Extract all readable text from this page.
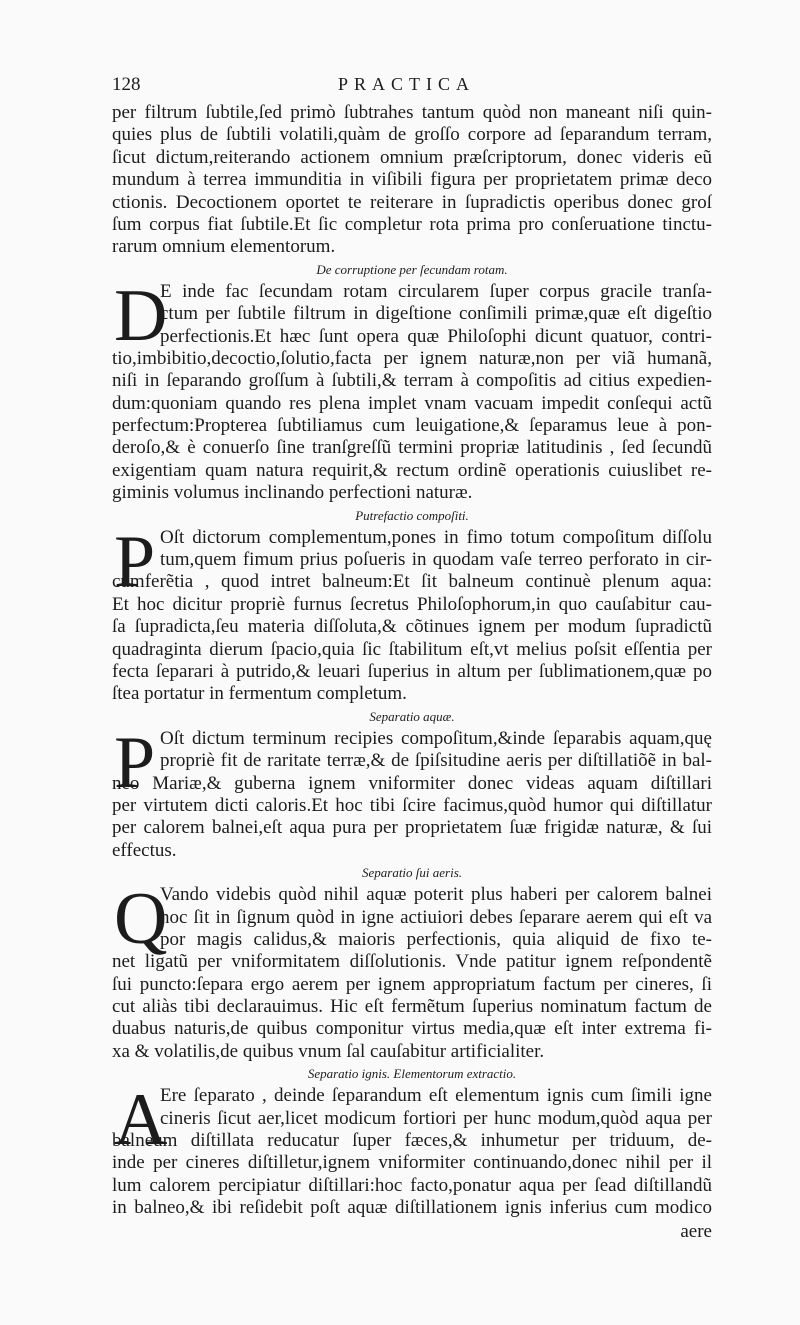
128	PRACTICA
per filtrum ſubtile,ſed primò ſubtrahes tantum quòd non maneant niſi quin-
quies plus de ſubtili volatili,quàm de groſſo corpore ad ſeparandum terram,
ſicut dictum,reiterando actionem omnium præſcriptorum, donec videris eũ
mundum à terrea immunditia in viſibili figura per proprietatem primæ deco
ctionis. Decoctionem oportet te reiterare in ſupradictis operibus donec groſ
ſum corpus fiat ſubtile.Et ſic completur rota prima pro conſeruatione tinctu-
rarum omnium elementorum.
De corruptione per ſecundam rotam.
D
E inde fac ſecundam rotam circularem ſuper corpus gracile tranſa-
ctum per ſubtile filtrum in digeſtione conſimili primæ,quæ eſt digeſtio
perfectionis.Et hæc ſunt opera quæ Philoſophi dicunt quatuor, contri-
tio,imbibitio,decoctio,ſolutio,facta per ignem naturæ,non per viã humanã,
niſi in ſeparando groſſum à ſubtili,& terram à compoſitis ad citius expedien-
dum:quoniam quando res plena implet vnam vacuam impedit conſequi actũ
perfectum:Propterea ſubtiliamus cum leuigatione,& ſeparamus leue à pon-
deroſo,& è conuerſo ſine tranſgreſſũ termini propriæ latitudinis , ſed ſecundũ
exigentiam quam natura requirit,& rectum ordinẽ operationis cuiuslibet re-
giminis volumus inclinando perfectioni naturæ.
Putrefactio compoſiti.
P Oſt dictorum complementum,pones in fimo totum compoſitum diſſolu
tum,quem fimum prius poſueris in quodam vaſe terreo perforato in cir-
cumferẽtia , quod intret balneum:Et ſit balneum continuè plenum aqua:
Et hoc dicitur propriè furnus ſecretus Philoſophorum,in quo cauſabitur cau-
ſa ſupradicta,ſeu materia diſſoluta,& cõtinues ignem per modum ſupradictũ
quadraginta dierum ſpacio,quia ſic ſtabilitum eſt,vt melius poſsit eſſentia per
fecta ſeparari à putrido,& leuari ſuperius in altum per ſublimationem,quæ po
ſtea portatur in fermentum completum.
Separatio aquæ.
P Oſt dictum terminum recipies compoſitum,&inde ſeparabis aquam,quę
propriè fit de raritate terræ,& de ſpiſsitudine aeris per diſtillatiõẽ in bal-
neo Mariæ,& guberna ignem vniformiter donec videas aquam diſtillari
per virtutem dicti caloris.Et hoc tibi ſcire facimus,quòd humor qui diſtillatur
per calorem balnei,eſt aqua pura per proprietatem ſuæ frigidæ naturæ, & ſui
effectus.
Separatio ſui aeris.
Q
Vando videbis quòd nihil aquæ poterit plus haberi per calorem balnei
hoc ſit in ſignum quòd in igne actiuiori debes ſeparare aerem qui eſt va
por magis calidus,& maioris perfectionis, quia aliquid de fixo te-
net ligatũ per vniformitatem diſſolutionis. Vnde patitur ignem reſpondentẽ
ſui puncto:ſepara ergo aerem per ignem appropriatum factum per cineres, ſi
cut aliàs tibi declarauimus. Hic eſt fermẽtum ſuperius nominatum factum de
duabus naturis,de quibus componitur virtus media,quæ eſt inter extrema fi-
xa & volatilis,de quibus vnum ſal cauſabitur artificialiter.
Separatio ignis. Elementorum extractio.
A
Ere ſeparato , deinde ſeparandum eſt elementum ignis cum ſimili igne
cineris ſicut aer,licet modicum fortiori per hunc modum,quòd aqua per
balneum diſtillata reducatur ſuper fæces,& inhumetur per triduum, de-
inde per cineres diſtilletur,ignem vniformiter continuando,donec nihil per il
lum calorem percipiatur diſtillari:hoc facto,ponatur aqua per ſead diſtillandũ
in balneo,& ibi reſidebit poſt aquæ diſtillationem ignis inferius cum modico
aere
